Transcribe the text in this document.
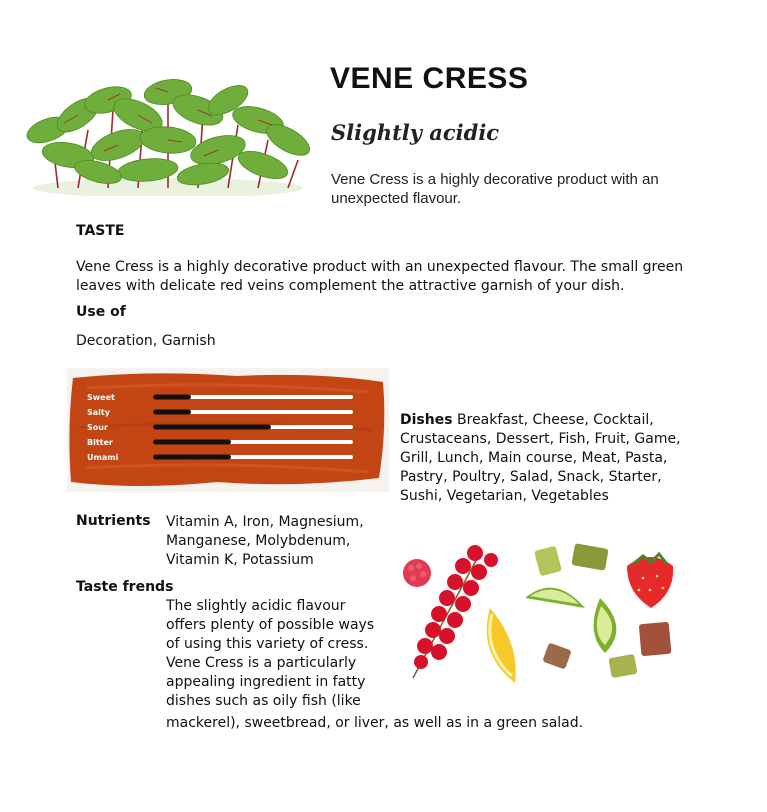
VENE CRESS
Slightly acidic
Vene Cress is a highly decorative product with an unexpected flavour.
TASTE
Vene Cress is a highly decorative product with an unexpected flavour. The small green leaves with delicate red veins complement the attractive garnish of your dish.
Use of
Decoration, Garnish
Sweet
Salty
Sour
Bitter
Umami
Dishes Breakfast, Cheese, Cocktail, Crustaceans, Dessert, Fish, Fruit, Game, Grill, Lunch, Main course, Meat, Pasta, Pastry, Poultry, Salad, Snack, Starter, Sushi, Vegetarian, Vegetables
Nutrients Vitamin A, Iron, Magnesium, Manganese, Molybdenum, Vitamin K, Potassium
Taste frends
The slightly acidic flavour offers plenty of possible ways of using this variety of cress. Vene Cress is a particularly appealing ingredient in fatty dishes such as oily fish (like
mackerel), sweetbread, or liver, as well as in a green salad.
